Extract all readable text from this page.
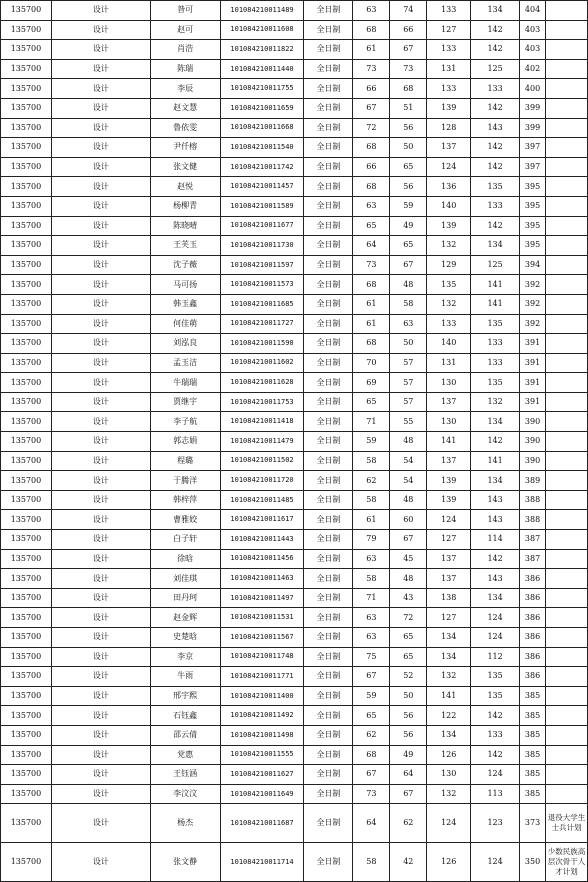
135700	设计	昝可	101084210011489	全日制	63	74	133	134	404	
135700	设计	赵可	101084210011608	全日制	68	66	127	142	403	
135700	设计	肖浩	101084210011822	全日制	61	67	133	142	403	
135700	设计	陈瑞	101084210011440	全日制	73	73	131	125	402	
135700	设计	李辰	101084210011755	全日制	66	68	133	133	400	
135700	设计	赵文慧	101084210011659	全日制	67	51	139	142	399	
135700	设计	鲁依雯	101084210011668	全日制	72	56	128	143	399	
135700	设计	尹仟榕	101084210011540	全日制	68	50	137	142	397	
135700	设计	张文健	101084210011742	全日制	66	65	124	142	397	
135700	设计	赵悦	101084210011457	全日制	68	56	136	135	395	
135700	设计	杨柳青	101084210011589	全日制	63	59	140	133	395	
135700	设计	陈晓晴	101084210011677	全日制	65	49	139	142	395	
135700	设计	王芙玉	101084210011730	全日制	64	65	132	134	395	
135700	设计	沈子薇	101084210011597	全日制	73	67	129	125	394	
135700	设计	马可扬	101084210011573	全日制	68	48	135	141	392	
135700	设计	韩玉鑫	101084210011685	全日制	61	58	132	141	392	
135700	设计	何佳萌	101084210011727	全日制	61	63	133	135	392	
135700	设计	刘泓良	101084210011590	全日制	68	50	140	133	391	
135700	设计	孟玉洁	101084210011602	全日制	70	57	131	133	391	
135700	设计	牛瑞瑞	101084210011628	全日制	69	57	130	135	391	
135700	设计	贾继宇	101084210011753	全日制	65	57	137	132	391	
135700	设计	李子航	101084210011418	全日制	71	55	130	134	390	
135700	设计	郭志娟	101084210011479	全日制	59	48	141	142	390	
135700	设计	程璐	101084210011502	全日制	58	54	137	141	390	
135700	设计	于腾洋	101084210011720	全日制	62	54	139	134	389	
135700	设计	韩梓萍	101084210011485	全日制	58	48	139	143	388	
135700	设计	曹雅姣	101084210011617	全日制	61	60	124	143	388	
135700	设计	白子轩	101084210011443	全日制	79	67	127	114	387	
135700	设计	徐晗	101084210011456	全日制	63	45	137	142	387	
135700	设计	刘佳琪	101084210011463	全日制	58	48	137	143	386	
135700	设计	田丹珂	101084210011497	全日制	71	43	138	134	386	
135700	设计	赵金辉	101084210011531	全日制	63	72	127	124	386	
135700	设计	史楚晗	101084210011567	全日制	63	65	134	124	386	
135700	设计	李京	101084210011748	全日制	75	65	134	112	386	
135700	设计	牛雨	101084210011771	全日制	67	52	132	135	386	
135700	设计	邢宇熙	101084210011400	全日制	59	50	141	135	385	
135700	设计	石钰鑫	101084210011492	全日制	65	56	122	142	385	
135700	设计	邵云倩	101084210011498	全日制	62	56	134	133	385	
135700	设计	党惠	101084210011555	全日制	68	49	126	142	385	
135700	设计	王钰涵	101084210011627	全日制	67	64	130	124	385	
135700	设计	李汶汶	101084210011649	全日制	73	67	132	113	385	
135700	设计	杨杰	101084210011687	全日制	64	62	124	123	373	退役大学生士兵计划
135700	设计	张文静	101084210011714	全日制	58	42	126	124	350	少数民族高层次骨干人才计划
